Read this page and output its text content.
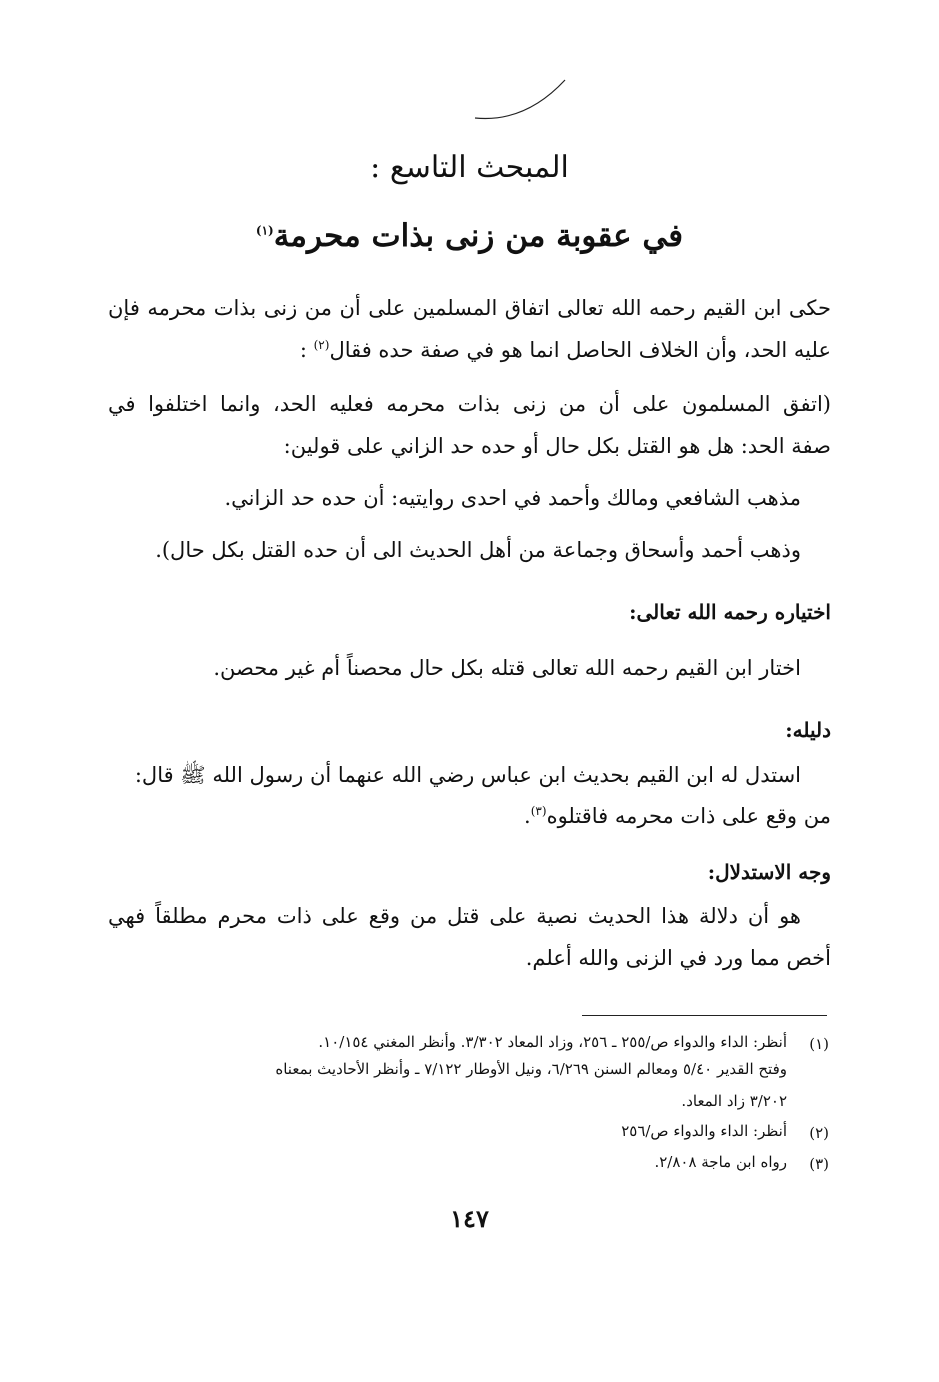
المبحث التاسع :
في عقوبة من زنى بذات محرمة$^{(١)}$
حكى ابن القيم رحمه الله تعالى اتفاق المسلمين على أن من زنى بذات محرمه فإن
عليه الحد، وأن الخلاف الحاصل انما هو في صفة حده فقال$^{(٢)}$ :
(اتفق المسلمون على أن من زنى بذات محرمه فعليه الحد، وانما اختلفوا في
صفة الحد: هل هو القتل بكل حال أو حده حد الزاني على قولين:
مذهب الشافعي ومالك وأحمد في احدى روايتيه: أن حده حد الزاني.
وذهب أحمد وأسحاق وجماعة من أهل الحديث الى أن حده القتل بكل حال).
اختياره رحمه الله تعالى:
اختار ابن القيم رحمه الله تعالى قتله بكل حال محصناً أم غير محصن.
دليله:
استدل له ابن القيم بحديث ابن عباس رضي الله عنهما أن رسول الله ﷺ قال:
من وقع على ذات محرمه فاقتلوه$^{(٣)}$.
وجه الاستدلال:
هو أن دلالة هذا الحديث نصية على قتل من وقع على ذات محرم مطلقاً فهي
أخص مما ورد في الزنى والله أعلم.
(١)
أنظر: الداء والدواء ص/٢٥٥ ـ ٢٥٦، وزاد المعاد ٣/٣٠٢. وأنظر المغني ١٠/١٥٤.
وفتح القدير ٥/٤٠ ومعالم السنن ٦/٢٦٩، ونيل الأوطار ٧/١٢٢ ـ وأنظر الأحاديث بمعناه
٣/٢٠٢ زاد المعاد.
(٢)
أنظر: الداء والدواء ص/٢٥٦
(٣)
رواه ابن ماجة ٢/٨٠٨.
١٤٧
